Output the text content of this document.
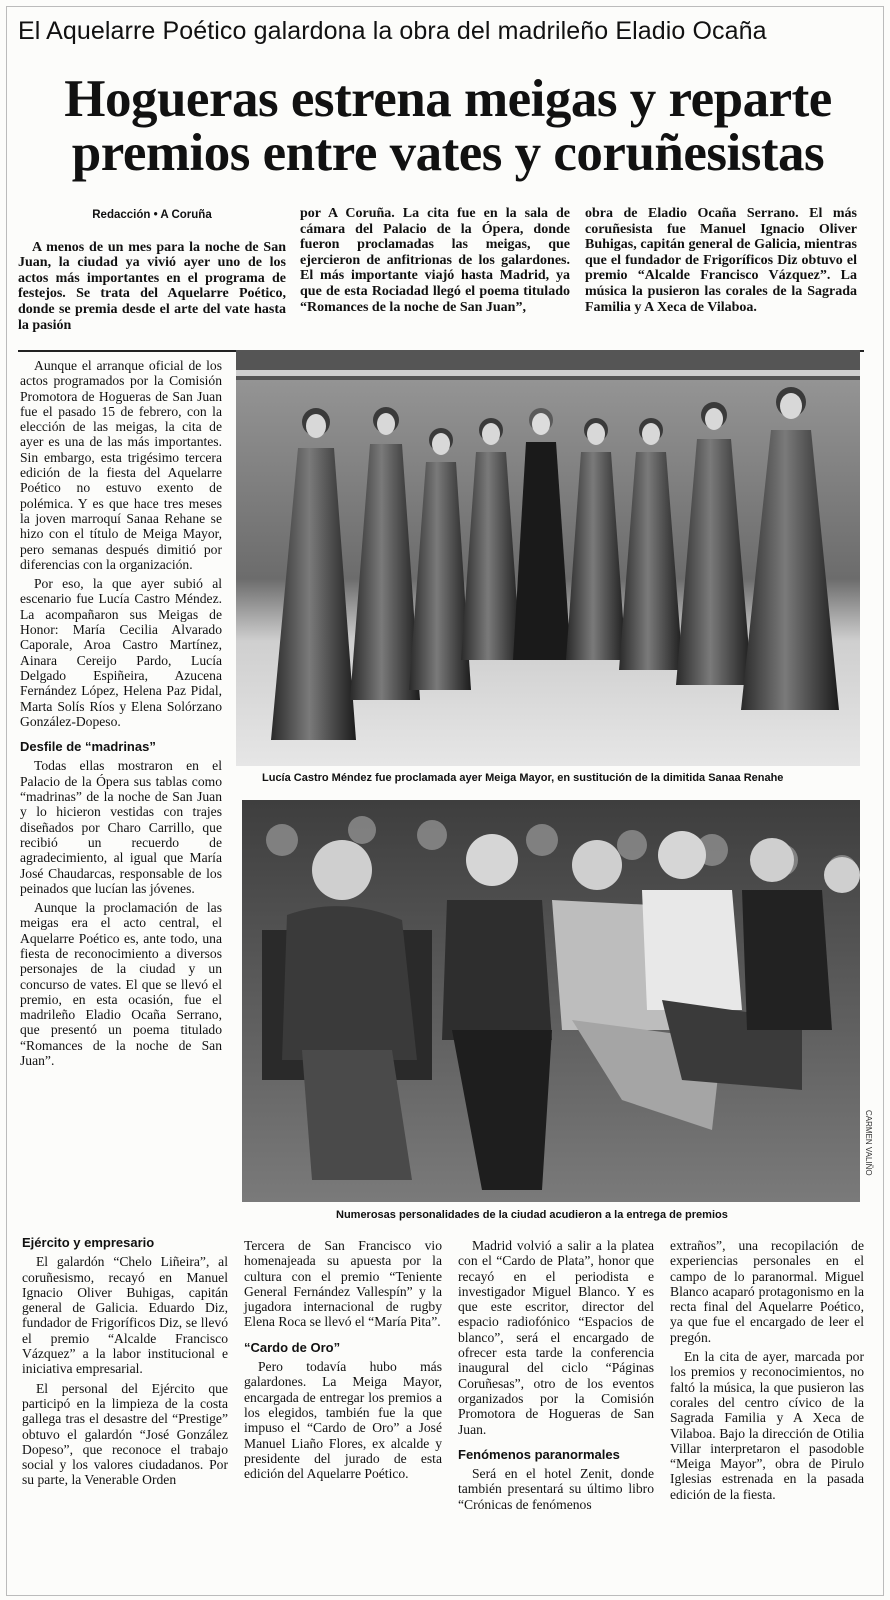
El Aquelarre Poético galardona la obra del madrileño Eladio Ocaña
Hogueras estrena meigas y reparte
premios entre vates y coruñesistas
Redacción • A Coruña

A menos de un mes para la noche de San Juan, la ciudad ya vivió ayer uno de los actos más importantes en el programa de festejos. Se trata del Aquelarre Poético, donde se premia desde el arte del vate hasta la pasión

por A Coruña. La cita fue en la sala de cámara del Palacio de la Ópera, donde fueron proclamadas las meigas, que ejercieron de anfitrionas de los galardones. El más importante viajó hasta Madrid, ya que de esta Rociadad llegó el poema titulado “Romances de la noche de San Juan”,

obra de Eladio Ocaña Serrano. El más coruñesista fue Manuel Ignacio Oliver Buhigas, capitán general de Galicia, mientras que el fundador de Frigoríficos Diz obtuvo el premio “Alcalde Francisco Vázquez”. La música la pusieron las corales de la Sagrada Familia y A Xeca de Vilaboa.

Aunque el arranque oficial de los actos programados por la Comisión Promotora de Hogueras de San Juan fue el pasado 15 de febrero, con la elección de las meigas, la cita de ayer es una de las más importantes. Sin embargo, esta trigésimo tercera edición de la fiesta del Aquelarre Poético no estuvo exento de polémica. Y es que hace tres meses la joven marroquí Sanaa Rehane se hizo con el título de Meiga Mayor, pero semanas después dimitió por diferencias con la organización.

Por eso, la que ayer subió al escenario fue Lucía Castro Méndez. La acompañaron sus Meigas de Honor: María Cecilia Alvarado Caporale, Aroa Castro Martínez, Ainara Cereijo Pardo, Lucía Delgado Espiñeira, Azucena Fernández López, Helena Paz Pidal, Marta Solís Ríos y Elena Solórzano González-Dopeso.

Desfile de “madrinas”

Todas ellas mostraron en el Palacio de la Ópera sus tablas como “madrinas” de la noche de San Juan y lo hicieron vestidas con trajes diseñados por Charo Carrillo, que recibió un recuerdo de agradecimiento, al igual que María José Chaudarcas, responsable de los peinados que lucían las jóvenes.

Aunque la proclamación de las meigas era el acto central, el Aquelarre Poético es, ante todo, una fiesta de reconocimiento a diversos personajes de la ciudad y un concurso de vates. El que se llevó el premio, en esta ocasión, fue el madrileño Eladio Ocaña Serrano, que presentó un poema titulado “Romances de la noche de San Juan”.

Lucía Castro Méndez fue proclamada ayer Meiga Mayor, en sustitución de la dimitida Sanaa Renahe
CARMEN VALIÑO
Numerosas personalidades de la ciudad acudieron a la entrega de premios
Ejército y empresario

El galardón “Chelo Liñeira”, al coruñesismo, recayó en Manuel Ignacio Oliver Buhigas, capitán general de Galicia. Eduardo Diz, fundador de Frigoríficos Diz, se llevó el premio “Alcalde Francisco Vázquez” a la labor institucional e iniciativa empresarial.

El personal del Ejército que participó en la limpieza de la costa gallega tras el desastre del “Prestige” obtuvo el galardón “José González Dopeso”, que reconoce el trabajo social y los valores ciudadanos. Por su parte, la Venerable Orden

Tercera de San Francisco vio homenajeada su apuesta por la cultura con el premio “Teniente General Fernández Vallespín” y la jugadora internacional de rugby Elena Roca se llevó el “María Pita”.

“Cardo de Oro”

Pero todavía hubo más galardones. La Meiga Mayor, encargada de entregar los premios a los elegidos, también fue la que impuso el “Cardo de Oro” a José Manuel Liaño Flores, ex alcalde y presidente del jurado de esta edición del Aquelarre Poético.

Madrid volvió a salir a la platea con el “Cardo de Plata”, honor que recayó en el periodista e investigador Miguel Blanco. Y es que este escritor, director del espacio radiofónico “Espacios de blanco”, será el encargado de ofrecer esta tarde la conferencia inaugural del ciclo “Páginas Coruñesas”, otro de los eventos organizados por la Comisión Promotora de Hogueras de San Juan.

Fenómenos paranormales

Será en el hotel Zenit, donde también presentará su último libro “Crónicas de fenómenos

extraños”, una recopilación de experiencias personales en el campo de lo paranormal. Miguel Blanco acaparó protagonismo en la recta final del Aquelarre Poético, ya que fue el encargado de leer el pregón.

En la cita de ayer, marcada por los premios y reconocimientos, no faltó la música, la que pusieron las corales del centro cívico de la Sagrada Familia y A Xeca de Vilaboa. Bajo la dirección de Otilia Villar interpretaron el pasodoble “Meiga Mayor”, obra de Pirulo Iglesias estrenada en la pasada edición de la fiesta.
